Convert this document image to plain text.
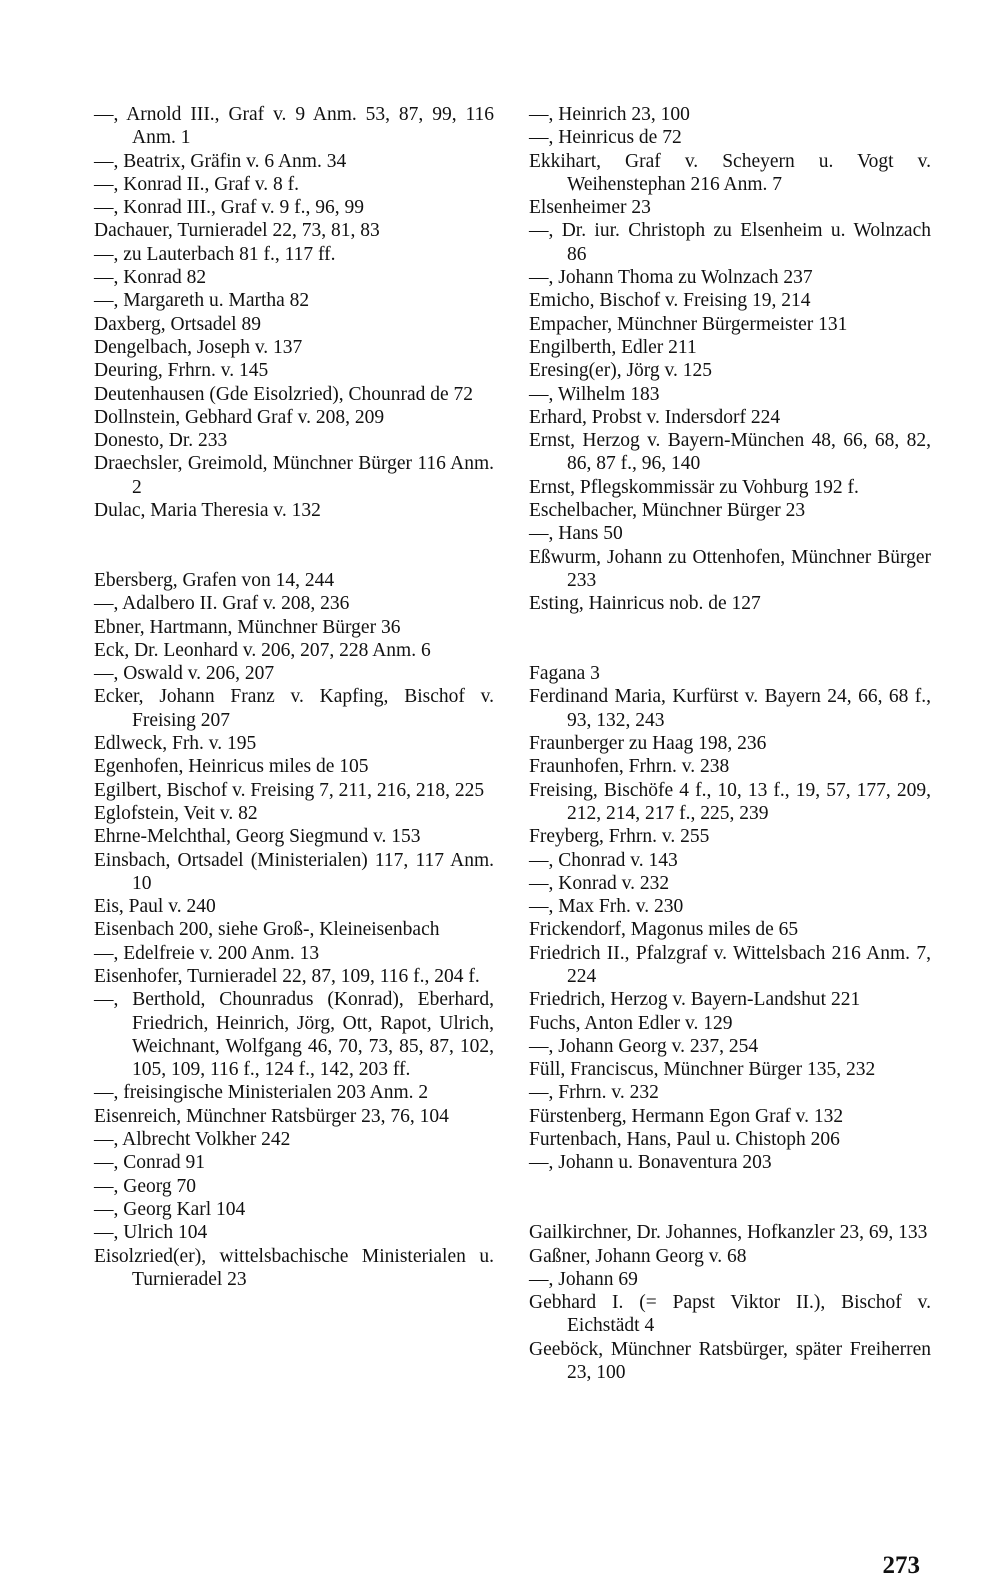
—, Arnold III., Graf v. 9 Anm. 53, 87, 99, 116 Anm. 1
—, Beatrix, Gräfin v. 6 Anm. 34
—, Konrad II., Graf v. 8 f.
—, Konrad III., Graf v. 9 f., 96, 99
Dachauer, Turnieradel 22, 73, 81, 83
—, zu Lauterbach 81 f., 117 ff.
—, Konrad 82
—, Margareth u. Martha 82
Daxberg, Ortsadel 89
Dengelbach, Joseph v. 137
Deuring, Frhrn. v. 145
Deutenhausen (Gde Eisolzried), Chounrad de 72
Dollnstein, Gebhard Graf v. 208, 209
Donesto, Dr. 233
Draechsler, Greimold, Münchner Bürger 116 Anm. 2
Dulac, Maria Theresia v. 132
Ebersberg, Grafen von 14, 244
—, Adalbero II. Graf v. 208, 236
Ebner, Hartmann, Münchner Bürger 36
Eck, Dr. Leonhard v. 206, 207, 228 Anm. 6
—, Oswald v. 206, 207
Ecker, Johann Franz v. Kapfing, Bischof v. Freising 207
Edlweck, Frh. v. 195
Egenhofen, Heinricus miles de 105
Egilbert, Bischof v. Freising 7, 211, 216, 218, 225
Eglofstein, Veit v. 82
Ehrne-Melchthal, Georg Siegmund v. 153
Einsbach, Ortsadel (Ministerialen) 117, 117 Anm. 10
Eis, Paul v. 240
Eisenbach 200, siehe Groß-, Kleineisenbach
—, Edelfreie v. 200 Anm. 13
Eisenhofer, Turnieradel 22, 87, 109, 116 f., 204 f.
—, Berthold, Chounradus (Konrad), Eberhard, Friedrich, Heinrich, Jörg, Ott, Rapot, Ulrich, Weichnant, Wolfgang 46, 70, 73, 85, 87, 102, 105, 109, 116 f., 124 f., 142, 203 ff.
—, freisingische Ministerialen 203 Anm. 2
Eisenreich, Münchner Ratsbürger 23, 76, 104
—, Albrecht Volkher 242
—, Conrad 91
—, Georg 70
—, Georg Karl 104
—, Ulrich 104
Eisolzried(er), wittelsbachische Ministerialen u. Turnieradel 23
—, Heinrich 23, 100
—, Heinricus de 72
Ekkihart, Graf v. Scheyern u. Vogt v. Weihenstephan 216 Anm. 7
Elsenheimer 23
—, Dr. iur. Christoph zu Elsenheim u. Wolnzach 86
—, Johann Thoma zu Wolnzach 237
Emicho, Bischof v. Freising 19, 214
Empacher, Münchner Bürgermeister 131
Engilberth, Edler 211
Eresing(er), Jörg v. 125
—, Wilhelm 183
Erhard, Probst v. Indersdorf 224
Ernst, Herzog v. Bayern-München 48, 66, 68, 82, 86, 87 f., 96, 140
Ernst, Pflegskommissär zu Vohburg 192 f.
Eschelbacher, Münchner Bürger 23
—, Hans 50
Eßwurm, Johann zu Ottenhofen, Münchner Bürger 233
Esting, Hainricus nob. de 127
Fagana 3
Ferdinand Maria, Kurfürst v. Bayern 24, 66, 68 f., 93, 132, 243
Fraunberger zu Haag 198, 236
Fraunhofen, Frhrn. v. 238
Freising, Bischöfe 4 f., 10, 13 f., 19, 57, 177, 209, 212, 214, 217 f., 225, 239
Freyberg, Frhrn. v. 255
—, Chonrad v. 143
—, Konrad v. 232
—, Max Frh. v. 230
Frickendorf, Magonus miles de 65
Friedrich II., Pfalzgraf v. Wittelsbach 216 Anm. 7, 224
Friedrich, Herzog v. Bayern-Landshut 221
Fuchs, Anton Edler v. 129
—, Johann Georg v. 237, 254
Füll, Franciscus, Münchner Bürger 135, 232
—, Frhrn. v. 232
Fürstenberg, Hermann Egon Graf v. 132
Furtenbach, Hans, Paul u. Chistoph 206
—, Johann u. Bonaventura 203
Gailkirchner, Dr. Johannes, Hofkanzler 23, 69, 133
Gaßner, Johann Georg v. 68
—, Johann 69
Gebhard I. (= Papst Viktor II.), Bischof v. Eichstädt 4
Geeböck, Münchner Ratsbürger, später Freiherren 23, 100
273
